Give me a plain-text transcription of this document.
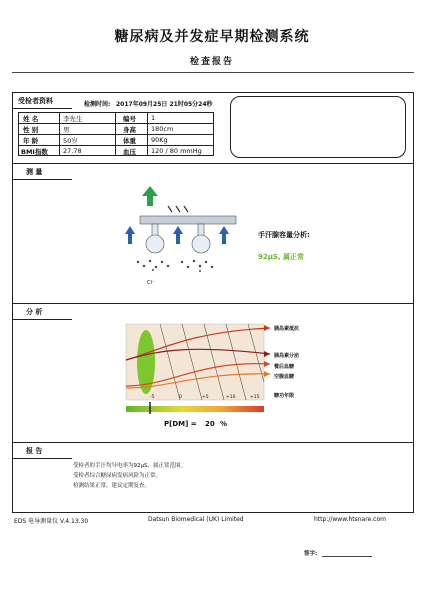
糖尿病及并发症早期检测系统
检查报告
受检者资料	检测时间: 2017年09月25日 21时05分24秒
姓 名	李先生	编号 1
性 别	男	身高 180cm
年 龄	50岁	体重 90Kg
BMI指数 27.78	血压 120 / 80 mmHg
测 量
Cl⁻
手汗腺容量分析:
92μS, 属正常
分 析
胰岛素抵抗
胰岛素分泌
餐后血糖
空腹血糖
糖功年限
-5	0	+5	+10	+15
P[DM] = 20 %
报 告
受检者的手汗均导电率为92μS，属正常范围。
受检者综合糖尿病发病风险为正常。
检测结果正常，建议定期复查。
EDS 电导测量仪 V.4.13.30	Datsun Biomedical (UK) Limited	http://www.htsnare.com
签字:
